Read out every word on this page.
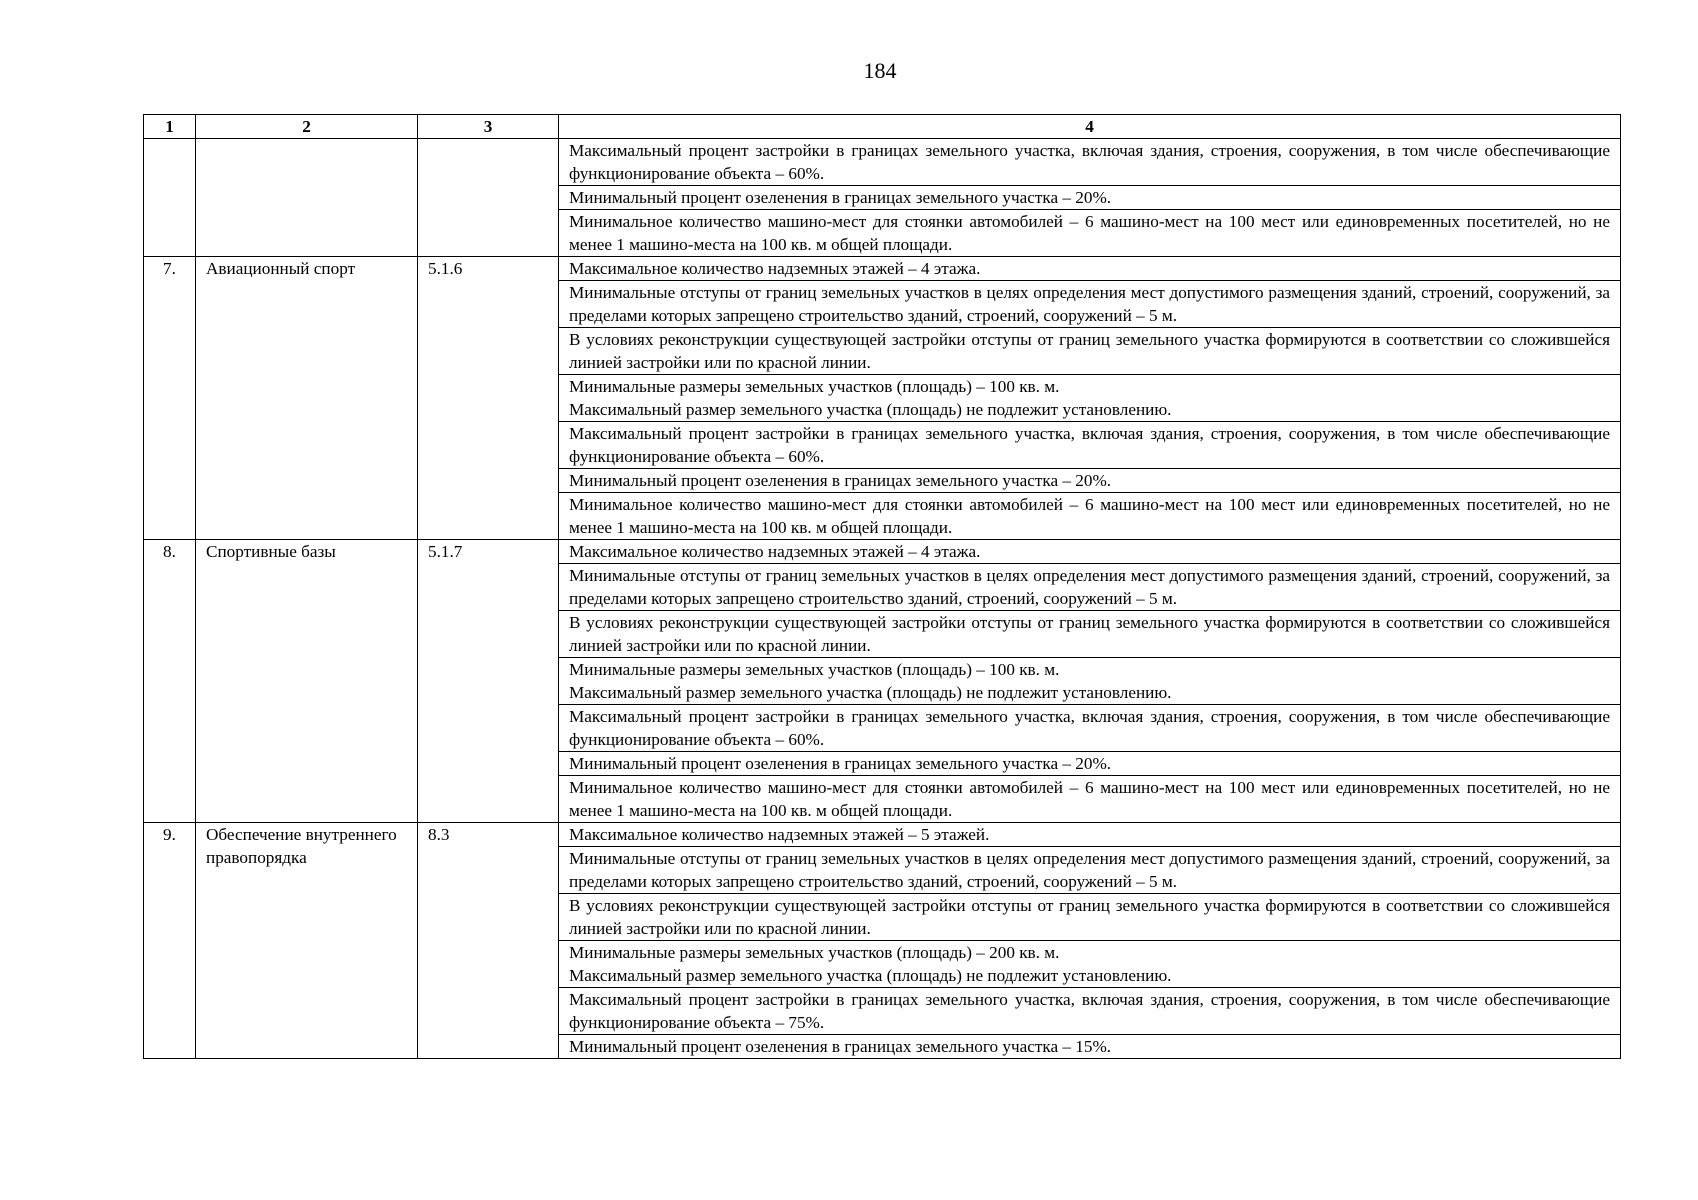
184
1	2	3	4
			Максимальный процент застройки в границах земельного участка, включая здания, строения, сооружения, в том числе обеспечивающие функционирование объекта – 60%.
			Минимальный процент озеленения в границах земельного участка – 20%.
			Минимальное количество машино-мест для стоянки автомобилей – 6 машино-мест на 100 мест или единовременных посетителей, но не менее 1 машино-места на 100 кв. м общей площади.
7.	Авиационный спорт	5.1.6	Максимальное количество надземных этажей – 4 этажа.
			Минимальные отступы от границ земельных участков в целях определения мест допустимого размещения зданий, строений, сооружений, за пределами которых запрещено строительство зданий, строений, сооружений – 5 м.
			В условиях реконструкции существующей застройки отступы от границ земельного участка формируются в соответствии со сложившейся линией застройки или по красной линии.

			Минимальные размеры земельных участков (площадь) – 100 кв. м.
Максимальный размер земельного участка (площадь) не подлежит установлению.

			Максимальный процент застройки в границах земельного участка, включая здания, строения, сооружения, в том числе обеспечивающие функционирование объекта – 60%.
			Минимальный процент озеленения в границах земельного участка – 20%.
			Минимальное количество машино-мест для стоянки автомобилей – 6 машино-мест на 100 мест или единовременных посетителей, но не менее 1 машино-места на 100 кв. м общей площади.
8.	Спортивные базы	5.1.7	Максимальное количество надземных этажей – 4 этажа.
			Минимальные отступы от границ земельных участков в целях определения мест допустимого размещения зданий, строений, сооружений, за пределами которых запрещено строительство зданий, строений, сооружений – 5 м.
			В условиях реконструкции существующей застройки отступы от границ земельного участка формируются в соответствии со сложившейся линией застройки или по красной линии.

			Минимальные размеры земельных участков (площадь) – 100 кв. м.
Максимальный размер земельного участка (площадь) не подлежит установлению.

			Максимальный процент застройки в границах земельного участка, включая здания, строения, сооружения, в том числе обеспечивающие функционирование объекта – 60%.
			Минимальный процент озеленения в границах земельного участка – 20%.
			Минимальное количество машино-мест для стоянки автомобилей – 6 машино-мест на 100 мест или единовременных посетителей, но не менее 1 машино-места на 100 кв. м общей площади.
9.	Обеспечение внутреннего правопорядка	8.3	Максимальное количество надземных этажей – 5 этажей.
			Минимальные отступы от границ земельных участков в целях определения мест допустимого размещения зданий, строений, сооружений, за пределами которых запрещено строительство зданий, строений, сооружений – 5 м.
			В условиях реконструкции существующей застройки отступы от границ земельного участка формируются в соответствии со сложившейся линией застройки или по красной линии.

			Минимальные размеры земельных участков (площадь) – 200 кв. м.
Максимальный размер земельного участка (площадь) не подлежит установлению.

			Максимальный процент застройки в границах земельного участка, включая здания, строения, сооружения, в том числе обеспечивающие функционирование объекта – 75%.
			Минимальный процент озеленения в границах земельного участка – 15%.
